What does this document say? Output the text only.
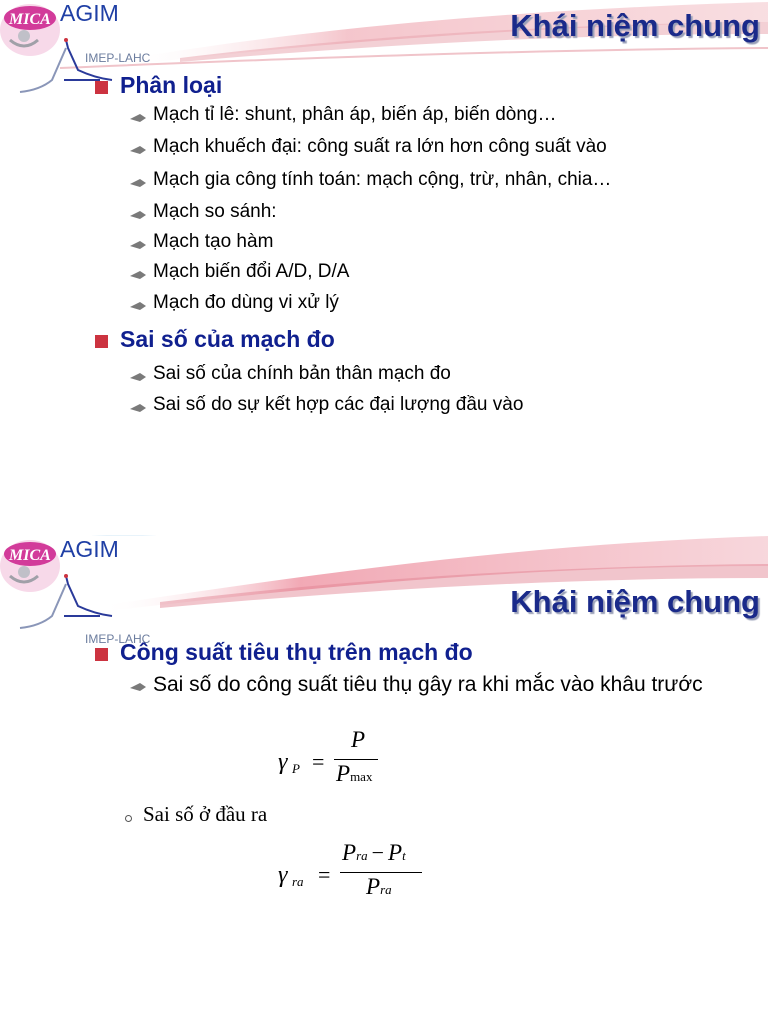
MICA AGIM
IMEP-LAHC
Khái niệm chung
Phân loại
Mạch tỉ lê: shunt, phân áp, biến áp, biến dòng…
Mạch khuếch đại: công suất ra lớn hơn công suất vào
Mạch gia công tính toán: mạch cộng, trừ, nhân, chia…
Mạch so sánh:
Mạch tạo hàm
Mạch biến đổi A/D, D/A
Mạch đo dùng vi xử lý
Sai số của mạch đo
Sai số của chính bản thân mạch đo
Sai số do sự kết hợp các đại lượng đầu vào
MICA AGIM
IMEP-LAHC
Khái niệm chung
Công suất tiêu thụ trên mạch đo
Sai số do công suất tiêu thụ gây ra khi mắc vào khâu trước
γ P =
P
Pmax
Sai số ở đầu ra
γ ra =
Pra − Pt
Pra
